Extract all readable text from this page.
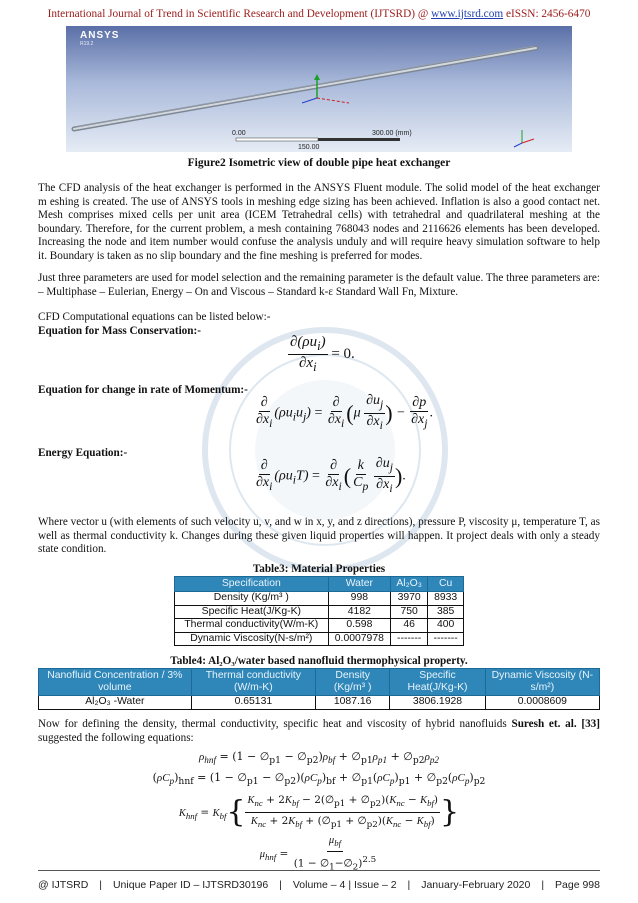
International Journal of Trend in Scientific Research and Development (IJTSRD) @ www.ijtsrd.com eISSN: 2456-6470
ANSYS
R19.2
0.00
150.00
300.00 (mm)
Figure2 Isometric view of double pipe heat exchanger

The CFD analysis of the heat exchanger is performed in the ANSYS Fluent module. The solid model of the heat exchanger m eshing is created. The use of ANSYS tools in meshing edge sizing has been achieved. Inflation is also a good contact net. Mesh comprises mixed cells per unit area (ICEM Tetrahedral cells) with tetrahedral and quadrilateral meshing at the boundary. Therefore, for the current problem, a mesh containing 768043 nodes and 2116626 elements has been developed. Increasing the node and item number would confuse the analysis unduly and will require heavy simulation software to help it. Boundary is taken as no slip boundary and the fine meshing is preferred for modes.

Just three parameters are used for model selection and the remaining parameter is the default value. The three parameters are: – Multiphase – Eulerian, Energy – On and Viscous – Standard k-ε Standard Wall Fn, Mixture.

CFD Computational equations can be listed below:-

Equation for Mass Conservation:-

$\frac{\partial(\rho u_i)}{\partial x_i} = 0$.

Equation for change in rate of Momentum:-

$\frac{\partial}{\partial x_i} (\rho u_iu_j) = \frac{\partial}{\partial x_i} (\mu \frac{\partial u_j}{\partial x_i}$ ) − $\frac{\partial p}{\partial x_j}$ .

Energy Equation:-

$\frac{\partial}{\partial x_i} (\rho u_iT) = \frac{\partial}{\partial x_i}$ ( $\frac{k}{C_p}$
$\frac{\partial u_j}{\partial x_i}$ ).

Where vector u (with elements of such velocity u, v, and w in x, y, and z directions), pressure P, viscosity μ, temperature T, as well as thermal conductivity k. Changes during these given liquid properties will happen. It project deals with only a steady state condition.

Table3: Material Properties
Specification	Water	Al₂O₃	Cu
Density (Kg/m³ )	998	3970	8933
Specific Heat(J/Kg-K)	4182	750	385
Thermal conductivity(W/m-K)	0.598	46	400
Dynamic Viscosity(N-s/m²)	0.0007978	-------	-------
Table4: Al₂O₃/water based nanofluid thermophysical property.
Nanofluid Concentration / 3% volume	Thermal conductivity (W/m-K)	Density (Kg/m³ )	Specific Heat(J/Kg-K)	Dynamic Viscosity (N-s/m²)
Al₂O₃ -Water	0.65131	1087.16	3806.1928	0.0008609

Now for defining the density, thermal conductivity, specific heat and viscosity of hybrid nanofluids Suresh et. al. [33] suggested the following equations:

$\rho_{hnf} = (1$ − $\emptyset_{p1}$ − $\emptyset_{p2})\rho_{bf}$ + $\emptyset_{p1}\rho_{p1}$ + $\emptyset_{p2}\rho_{p2}$
$(\rho C_p)_{hnf} = (1$ − $\emptyset_{p1}$ − $\emptyset_{p2})(\rho C_p)_{bf}$ + $\emptyset_{p1}(\rho C_p)_{p1}$ + $\emptyset_{p2}(\rho C_p)_{p2}$
$K_{hnf} = K_{bf}\{ \frac{K_{nc} + 2K_{bf} - 2(\emptyset_{p1} + \emptyset_{p2})(K_{nc} - K_{bf})}{K_{nc} + 2K_{bf} + (\emptyset_{p1} + \emptyset_{p2})(K_{nc} - K_{bf})}$ }
$\mu_{hnf} = \frac{\mu_{bf}}{(1 - \emptyset_1-\emptyset_2)^{2.5}}$
@ IJTSRD | Unique Paper ID – IJTSRD30196 | Volume – 4 | Issue – 2 | January-February 2020 | Page 998
